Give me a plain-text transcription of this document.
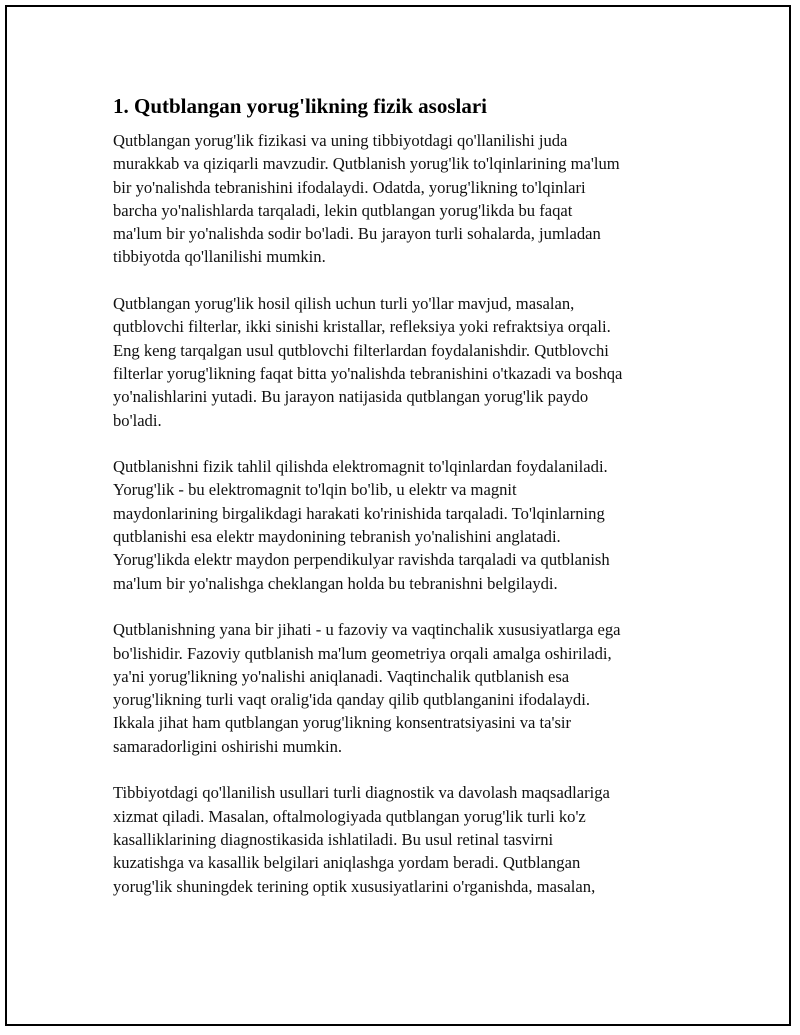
1. Qutblangan yorug'likning fizik asoslari
Qutblangan yorug'lik fizikasi va uning tibbiyotdagi qo'llanilishi juda
murakkab va qiziqarli mavzudir. Qutblanish yorug'lik to'lqinlarining ma'lum
bir yo'nalishda tebranishini ifodalaydi. Odatda, yorug'likning to'lqinlari
barcha yo'nalishlarda tarqaladi, lekin qutblangan yorug'likda bu faqat
ma'lum bir yo'nalishda sodir bo'ladi. Bu jarayon turli sohalarda, jumladan
tibbiyotda qo'llanilishi mumkin.
Qutblangan yorug'lik hosil qilish uchun turli yo'llar mavjud, masalan,
qutblovchi filterlar, ikki sinishi kristallar, refleksiya yoki refraktsiya orqali.
Eng keng tarqalgan usul qutblovchi filterlardan foydalanishdir. Qutblovchi
filterlar yorug'likning faqat bitta yo'nalishda tebranishini o'tkazadi va boshqa
yo'nalishlarini yutadi. Bu jarayon natijasida qutblangan yorug'lik paydo
bo'ladi.
Qutblanishni fizik tahlil qilishda elektromagnit to'lqinlardan foydalaniladi.
Yorug'lik - bu elektromagnit to'lqin bo'lib, u elektr va magnit
maydonlarining birgalikdagi harakati ko'rinishida tarqaladi. To'lqinlarning
qutblanishi esa elektr maydonining tebranish yo'nalishini anglatadi.
Yorug'likda elektr maydon perpendikulyar ravishda tarqaladi va qutblanish
ma'lum bir yo'nalishga cheklangan holda bu tebranishni belgilaydi.
Qutblanishning yana bir jihati - u fazoviy va vaqtinchalik xususiyatlarga ega
bo'lishidir. Fazoviy qutblanish ma'lum geometriya orqali amalga oshiriladi,
ya'ni yorug'likning yo'nalishi aniqlanadi. Vaqtinchalik qutblanish esa
yorug'likning turli vaqt oralig'ida qanday qilib qutblanganini ifodalaydi.
Ikkala jihat ham qutblangan yorug'likning konsentratsiyasini va ta'sir
samaradorligini oshirishi mumkin.
Tibbiyotdagi qo'llanilish usullari turli diagnostik va davolash maqsadlariga
xizmat qiladi. Masalan, oftalmologiyada qutblangan yorug'lik turli ko'z
kasalliklarining diagnostikasida ishlatiladi. Bu usul retinal tasvirni
kuzatishga va kasallik belgilari aniqlashga yordam beradi. Qutblangan
yorug'lik shuningdek terining optik xususiyatlarini o'rganishda, masalan,
